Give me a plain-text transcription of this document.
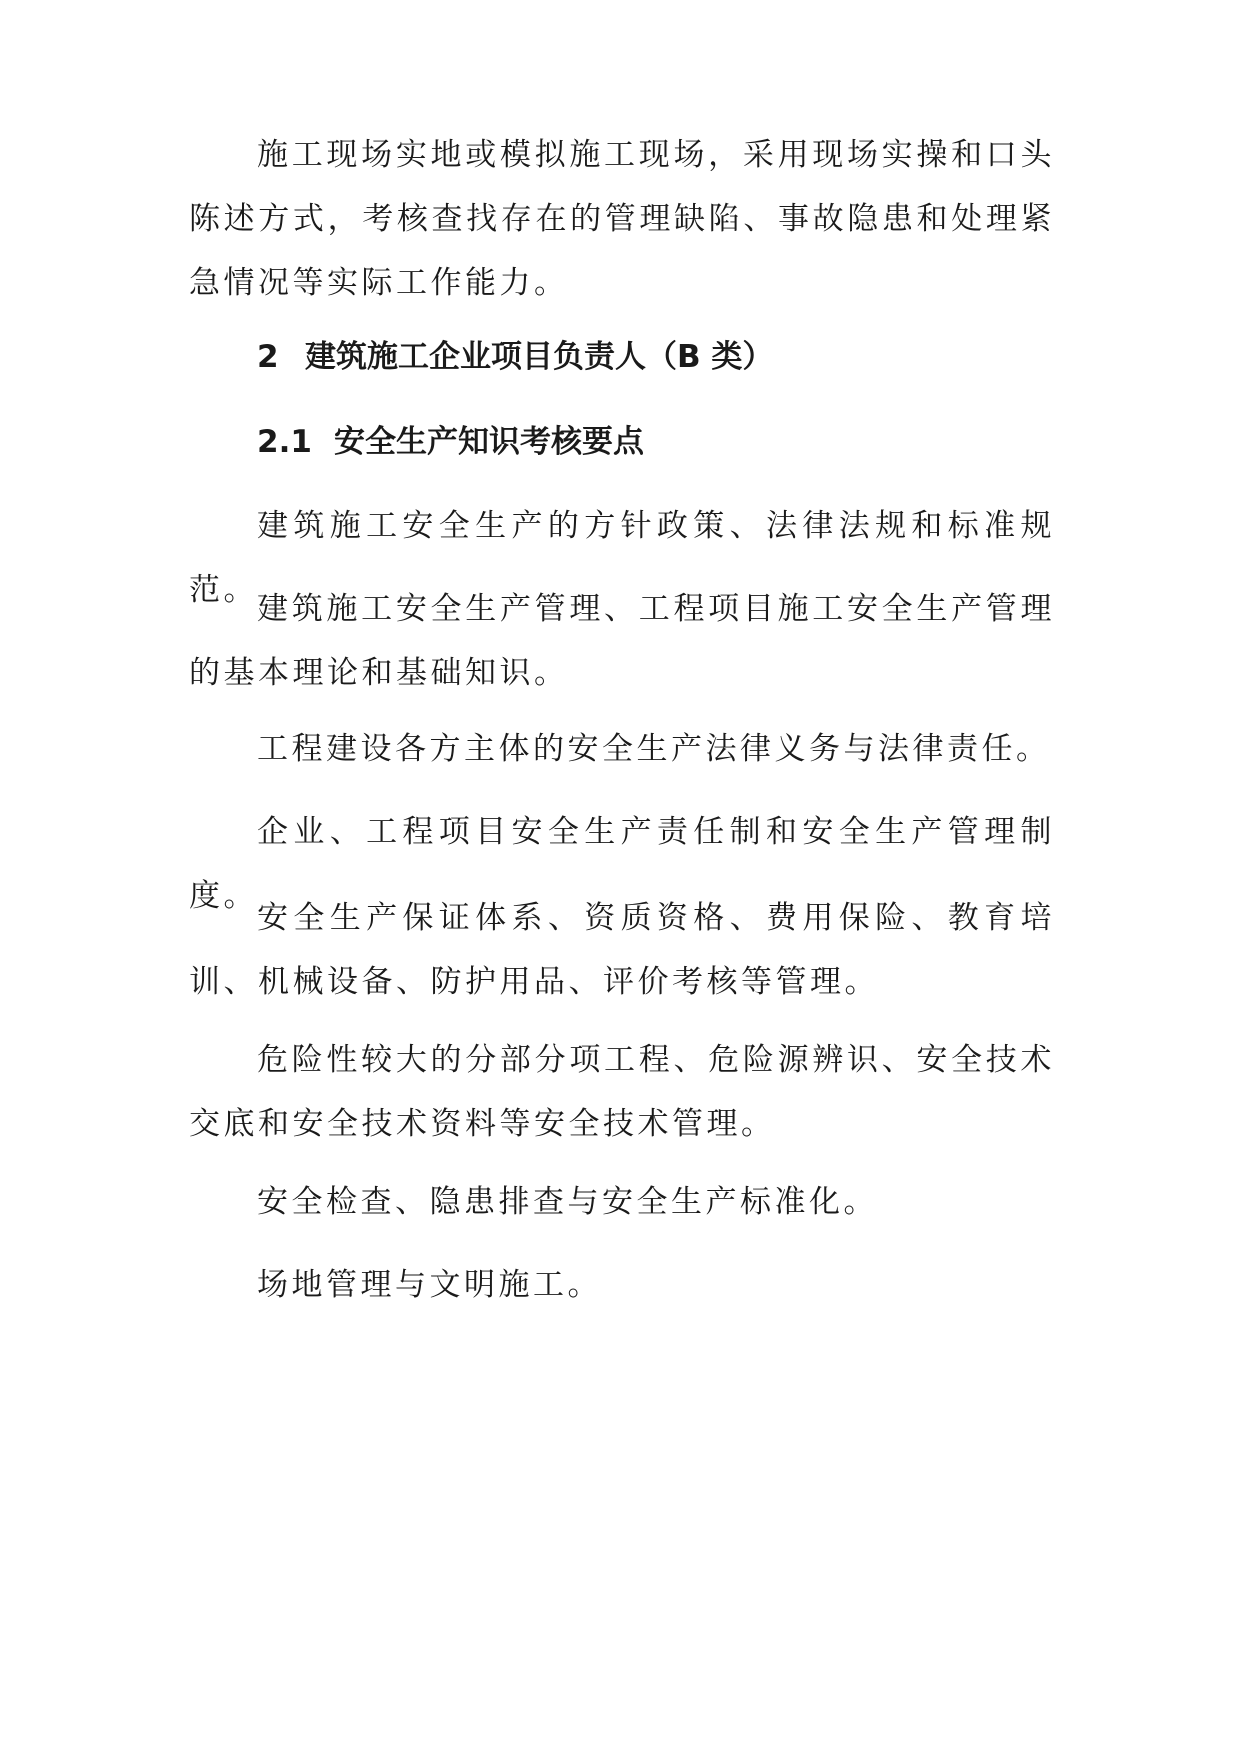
施工现场实地或模拟施工现场，采用现场实操和口头陈述方式，考核查找存在的管理缺陷、事故隐患和处理紧急情况等实际工作能力。

2 建筑施工企业项目负责人（B 类）
2.1 安全生产知识考核要点

建筑施工安全生产的方针政策、法律法规和标准规范。

建筑施工安全生产管理、工程项目施工安全生产管理的基本理论和基础知识。

工程建设各方主体的安全生产法律义务与法律责任。

企业、工程项目安全生产责任制和安全生产管理制度。

安全生产保证体系、资质资格、费用保险、教育培训、机械设备、防护用品、评价考核等管理。

危险性较大的分部分项工程、危险源辨识、安全技术交底和安全技术资料等安全技术管理。

安全检查、隐患排查与安全生产标准化。

场地管理与文明施工。
